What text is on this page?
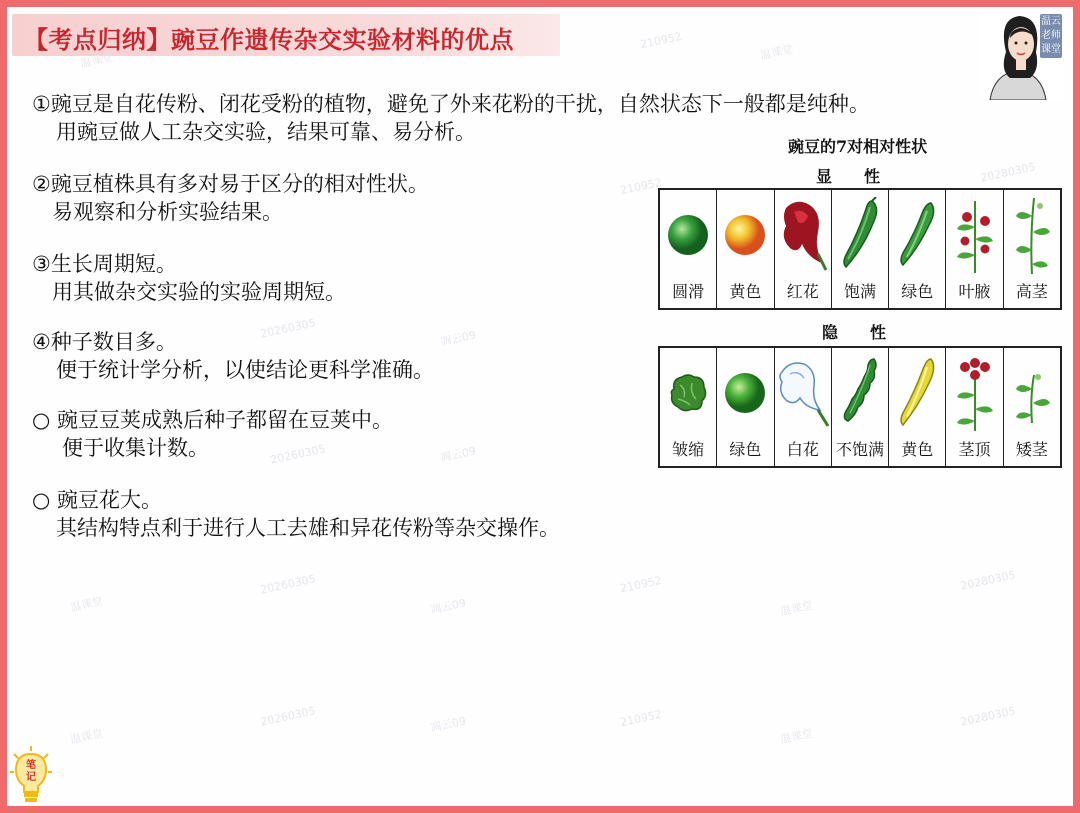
【考点归纳】豌豆作遗传杂交实验材料的优点
温云老师课堂
210952
温课堂
温课堂
20280305
210952
20260305	凋云09
20260305	凋云09
20260305	210952	20280305
温课堂	凋云09	温课堂
20260305	210952	20280305
温课堂
凋云09
温课堂
①豌豆是自花传粉、闭花受粉的植物，避免了外来花粉的干扰，自然状态下一般都是纯种。
用豌豆做人工杂交实验，结果可靠、易分析。
②豌豆植株具有多对易于区分的相对性状。
易观察和分析实验结果。
③生长周期短。
用其做杂交实验的实验周期短。
④种子数目多。
便于统计学分析，以使结论更科学准确。
○ 豌豆豆荚成熟后种子都留在豆荚中。
便于收集计数。
○ 豌豆花大。
其结构特点利于进行人工去雄和异花传粉等杂交操作。
豌豆的7对相对性状
显　　性
圆滑	黄色	红花	饱满	绿色	叶腋	高茎
隐　　性
皱缩	绿色	白花	不饱满	黄色	茎顶	矮茎
笔记
